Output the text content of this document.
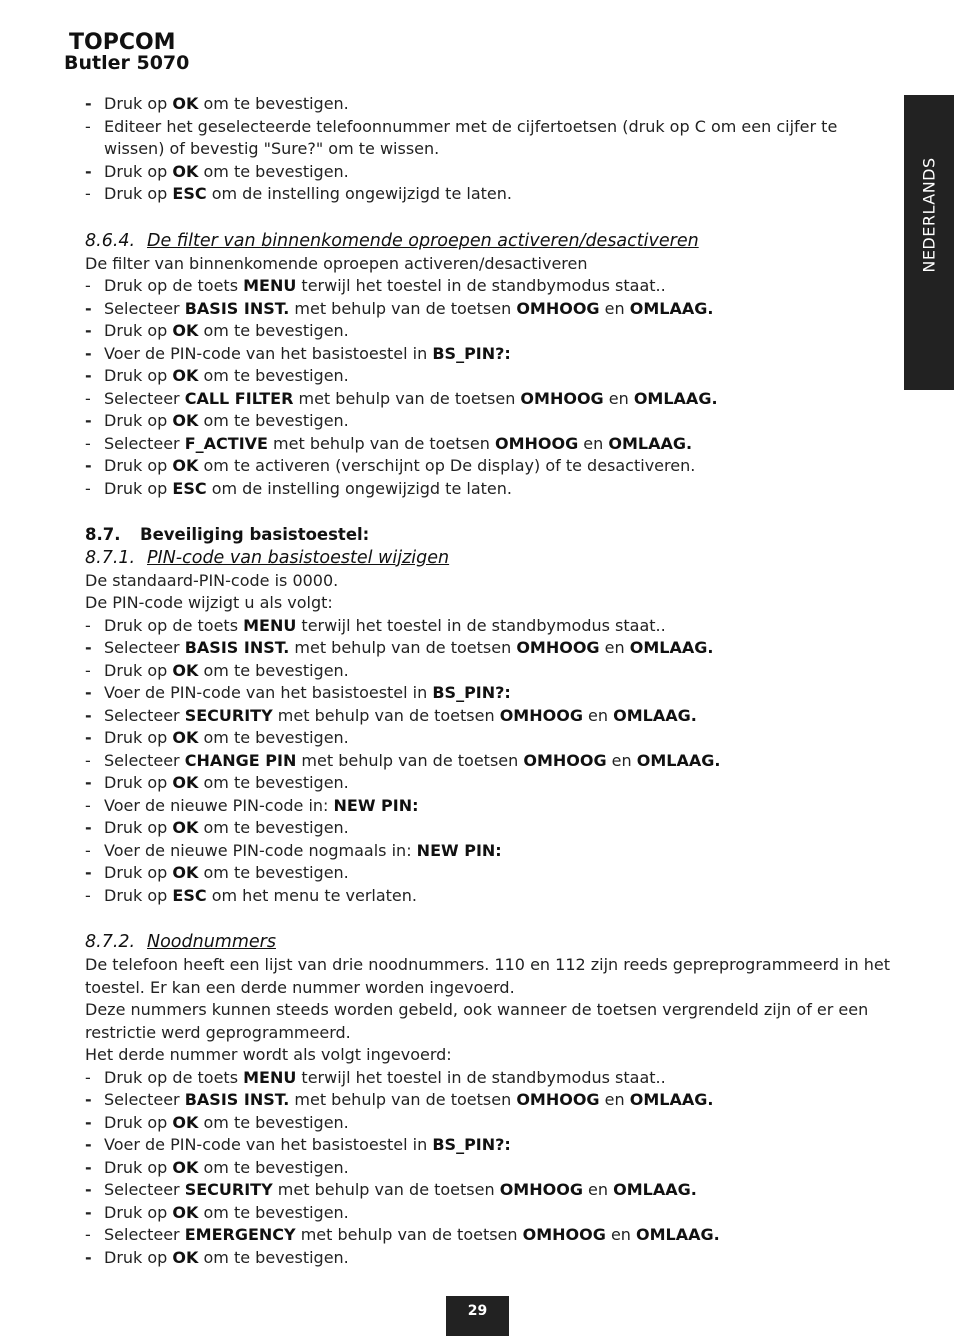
TOPCOM
Butler 5070
NEDERLANDS
- Druk op OK om te bevestigen.
- Editeer het geselecteerde telefoonnummer met de cijfertoetsen (druk op C om een cijfer te wissen) of bevestig "Sure?" om te wissen.
- Druk op OK om te bevestigen.
- Druk op ESC om de instelling ongewijzigd te laten.
8.6.4. De filter van binnenkomende oproepen activeren/desactiveren

De filter van binnenkomende oproepen activeren/desactiveren

- Druk op de toets MENU terwijl het toestel in de standbymodus staat..
- Selecteer BASIS INST. met behulp van de toetsen OMHOOG en OMLAAG.
- Druk op OK om te bevestigen.
- Voer de PIN-code van het basistoestel in BS_PIN?:
- Druk op OK om te bevestigen.
- Selecteer CALL FILTER met behulp van de toetsen OMHOOG en OMLAAG.
- Druk op OK om te bevestigen.
- Selecteer F_ACTIVE met behulp van de toetsen OMHOOG en OMLAAG.
- Druk op OK om te activeren (verschijnt op De display) of te desactiveren.
- Druk op ESC om de instelling ongewijzigd te laten.
8.7. Beveiliging basistoestel:
8.7.1. PIN-code van basistoestel wijzigen

De standaard-PIN-code is 0000.

De PIN-code wijzigt u als volgt:

- Druk op de toets MENU terwijl het toestel in de standbymodus staat..
- Selecteer BASIS INST. met behulp van de toetsen OMHOOG en OMLAAG.
- Druk op OK om te bevestigen.
- Voer de PIN-code van het basistoestel in BS_PIN?:
- Selecteer SECURITY met behulp van de toetsen OMHOOG en OMLAAG.
- Druk op OK om te bevestigen.
- Selecteer CHANGE PIN met behulp van de toetsen OMHOOG en OMLAAG.
- Druk op OK om te bevestigen.
- Voer de nieuwe PIN-code in: NEW PIN:
- Druk op OK om te bevestigen.
- Voer de nieuwe PIN-code nogmaals in: NEW PIN:
- Druk op OK om te bevestigen.
- Druk op ESC om het menu te verlaten.
8.7.2. Noodnummers

De telefoon heeft een lijst van drie noodnummers. 110 en 112 zijn reeds gepreprogrammeerd in het toestel. Er kan een derde nummer worden ingevoerd.

Deze nummers kunnen steeds worden gebeld, ook wanneer de toetsen vergrendeld zijn of er een restrictie werd geprogrammeerd.

Het derde nummer wordt als volgt ingevoerd:

- Druk op de toets MENU terwijl het toestel in de standbymodus staat..
- Selecteer BASIS INST. met behulp van de toetsen OMHOOG en OMLAAG.
- Druk op OK om te bevestigen.
- Voer de PIN-code van het basistoestel in BS_PIN?:
- Druk op OK om te bevestigen.
- Selecteer SECURITY met behulp van de toetsen OMHOOG en OMLAAG.
- Druk op OK om te bevestigen.
- Selecteer EMERGENCY met behulp van de toetsen OMHOOG en OMLAAG.
- Druk op OK om te bevestigen.
29
